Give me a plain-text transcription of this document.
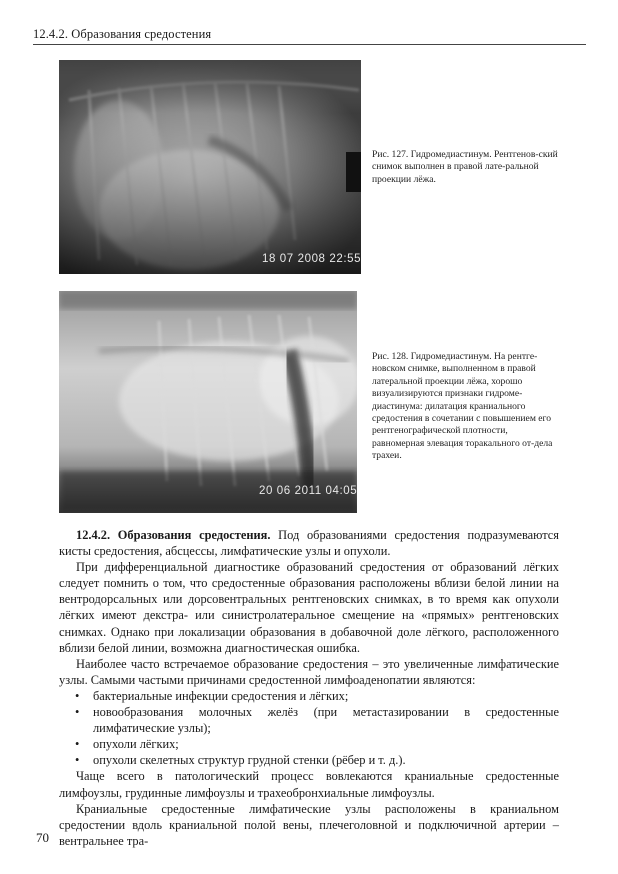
12.4.2. Образования средостения
18 07 2008 22:55
Рис. 127. Гидромедиастинум. Рентгенов-ский снимок выполнен в правой лате-ральной проекции лёжа.
20 06 2011 04:05
Рис. 128. Гидромедиастинум. На рентге-новском снимке, выполненном в правой латеральной проекции лёжа, хорошо визуализируются признаки гидроме-диастинума: дилатация краниального средостения в сочетании с повышением его рентгенографической плотности, равномерная элевация торакального от-дела трахеи.

12.4.2. Образования средостения. Под образованиями средостения подразумеваются кисты средостения, абсцессы, лимфатические узлы и опухоли.

При дифференциальной диагностике образований средостения от образований лёгких следует помнить о том, что средостенные образования расположены вблизи белой линии на вентродорсальных или дорсовентральных рентгеновских снимках, в то время как опухоли лёгких имеют декстра- или синистролатеральное смещение на «прямых» рентгеновских снимках. Однако при локализации образования в добавочной доле лёгкого, расположенного вблизи белой линии, возможна диагностическая ошибка.

Наиболее часто встречаемое образование средостения – это увеличенные лимфатические узлы. Самыми частыми причинами средостенной лимфоаденопатии являются:

• бактериальные инфекции средостения и лёгких;
• новообразования молочных желёз (при метастазировании в средостенные лимфатические узлы);
• опухоли лёгких;
• опухоли скелетных структур грудной стенки (рёбер и т. д.).

Чаще всего в патологический процесс вовлекаются краниальные средостенные лимфоузлы, грудинные лимфоузлы и трахеобронхиальные лимфоузлы.

Краниальные средостенные лимфатические узлы расположены в краниальном средостении вдоль краниальной полой вены, плечеголовной и подключичной артерии – вентральнее тра-

70
